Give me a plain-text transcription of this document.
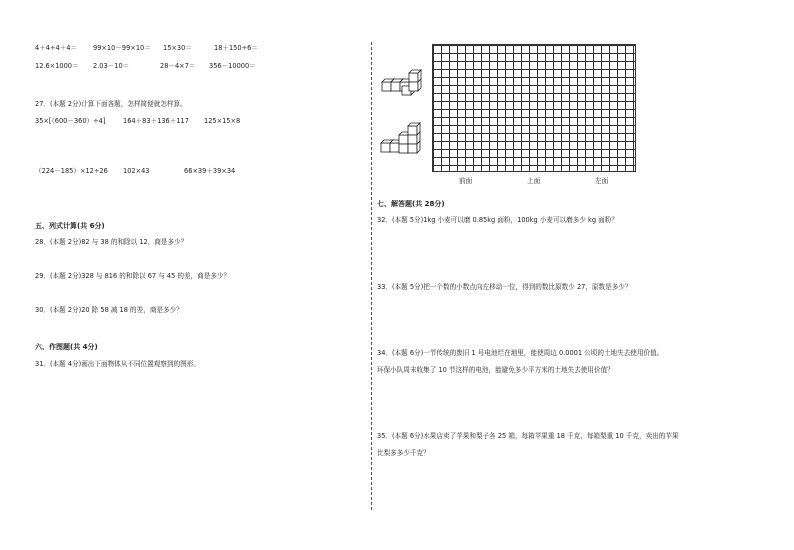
4＋4÷4＋4＝ 99×10－99×10＝ 15×30＝	18＋150÷6＝
12.6×1000＝ 2.03－10＝	28－4×7＝ 356－10000＝
27．(本题 2分)计算下面各题，怎样简便就怎样算。
35×[（600－360）÷4]	164＋83＋136＋117 125×15×8
（224－185）×12÷26 102×43	66×39＋39×34
五、列式计算(共 6分)
28．(本题 2分)82 与 38 的和除以 12，商是多少？
29．(本题 2分)328 与 816 的和除以 67 与 45 的差，商是多少？
30．(本题 2分)20 除 58 减 18 的差，商是多少？
六、作图题(共 4分)
31．(本题 4分)画出下面物体从不同位置观察到的图形。
前面	上面	左面
七、解答题(共 28分)
32．(本题 5分)1kg 小麦可以磨 0.85kg 面粉，100kg 小麦可以磨多少 kg 面粉？
33．(本题 5分)把一个数的小数点向左移动一位，得到的数比原数少 27，原数是多少？
34．(本题 6分)一节传统的废旧 1 号电池烂在地里，能使周边 0.0001 公顷的土地失去使用价值。
环保小队周末收集了 10 节这样的电池，能避免多少平方米的土地失去使用价值？
35．(本题 6分)水果店卖了苹果和梨子各 25 箱，每箱苹果重 18 千克，每箱梨重 10 千克，卖出的苹果
比梨多多少千克？
